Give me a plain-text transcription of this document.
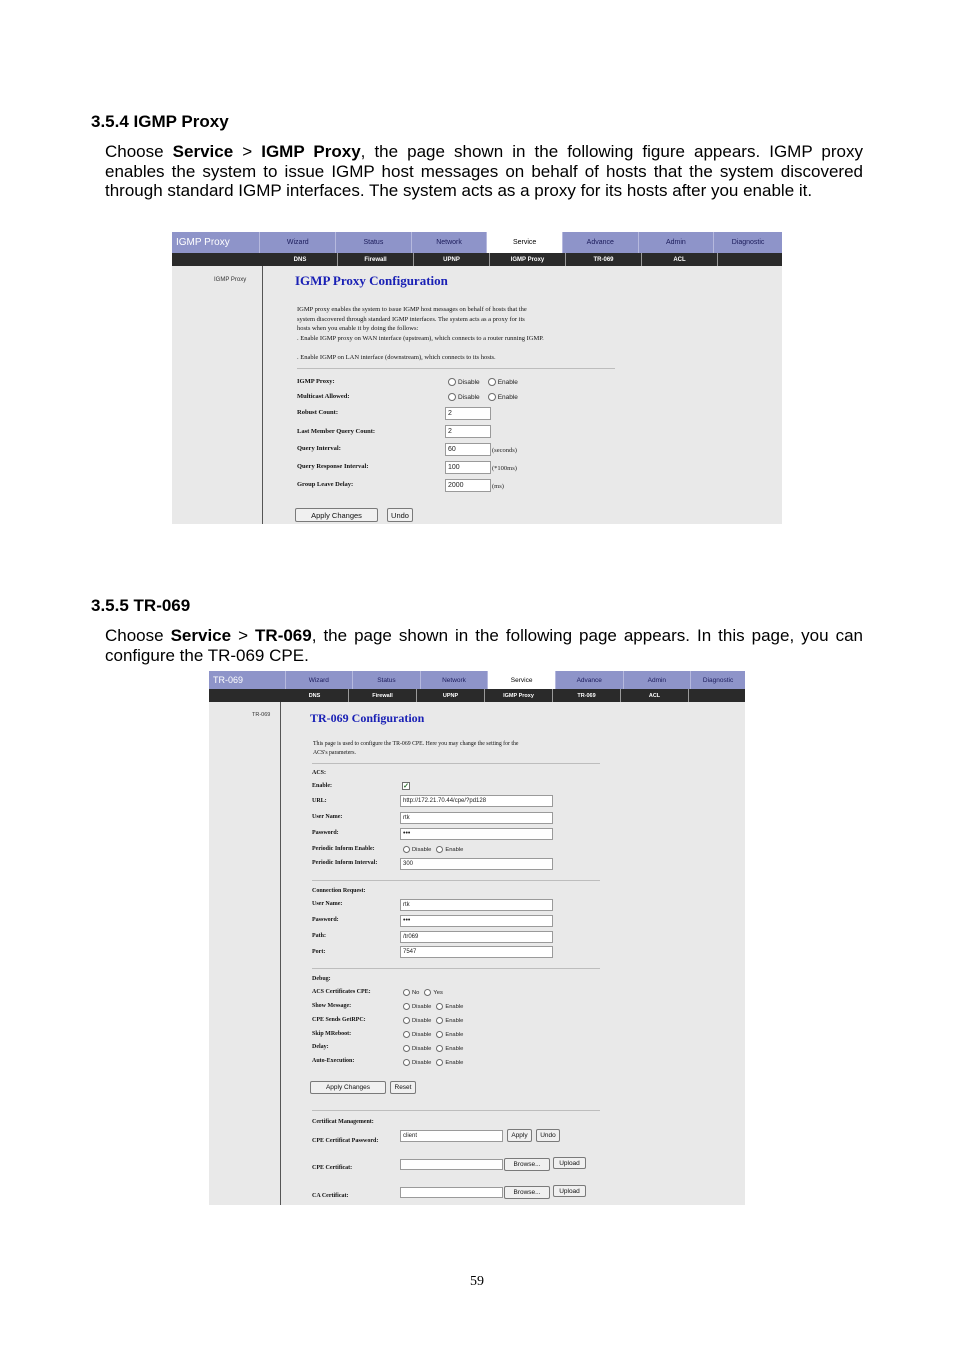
3.5.4 IGMP Proxy
Choose Service > IGMP Proxy, the page shown in the following figure appears. IGMP proxy enables the system to issue IGMP host messages on behalf of hosts that the system discovered through standard IGMP interfaces. The system acts as a proxy for its hosts after you enable it.
IGMP Proxy	Wizard	Status	Network	Service	Advance	Admin	Diagnostic
DNS	Firewall	UPNP	IGMP Proxy	TR-069	ACL
IGMP Proxy	IGMP Proxy Configuration
IGMP proxy enables the system to issue IGMP host messages on behalf of hosts that the
system discovered through standard IGMP interfaces. The system acts as a proxy for its
hosts when you enable it by doing the follows:
. Enable IGMP proxy on WAN interface (upstream), which connects to a router running IGMP.
. Enable IGMP on LAN interface (downstream), which connects to its hosts.
IGMP Proxy:	Disable	Enable
Multicast Allowed:	Disable	Enable
Robust Count:	2
Last Member Query Count:	2
Query Interval:	60	(seconds)
Query Response Interval:	100	(*100ms)
Group Leave Delay:	2000	(ms)
Apply Changes	Undo
3.5.5 TR-069
Choose Service > TR-069, the page shown in the following page appears. In this page, you can configure the TR-069 CPE.
TR-069	Wizard	Status	Network	Service	Advance	Admin	Diagnostic
DNS	Firewall	UPNP	IGMP Proxy	TR-069	ACL
TR-069	TR-069 Configuration
This page is used to configure the TR-069 CPE. Here you may change the setting for the
ACS's parameters.
ACS:
Enable:	✓
URL:	http://172.21.70.44/cpe/?pd128
User Name:	rtk
Password:	•••
Periodic Inform Enable:	Disable Enable
Periodic Inform Interval:	300
Connection Request:
User Name:	rtk
Password:	•••
Path:	/tr069
Port:	7547
Debug:
ACS Certificates CPE:	No Yes
Show Message:	Disable Enable
CPE Sends GetRPC:	Disable Enable
Skip MReboot:	Disable Enable
Delay:	Disable Enable
Auto-Execution:	Disable Enable
Apply Changes	Reset
Certificat Management:
CPE Certificat Password:
client	Apply	Undo
CPE Certificat:	Browse...	Upload
CA Certificat:	Browse...	Upload
59
